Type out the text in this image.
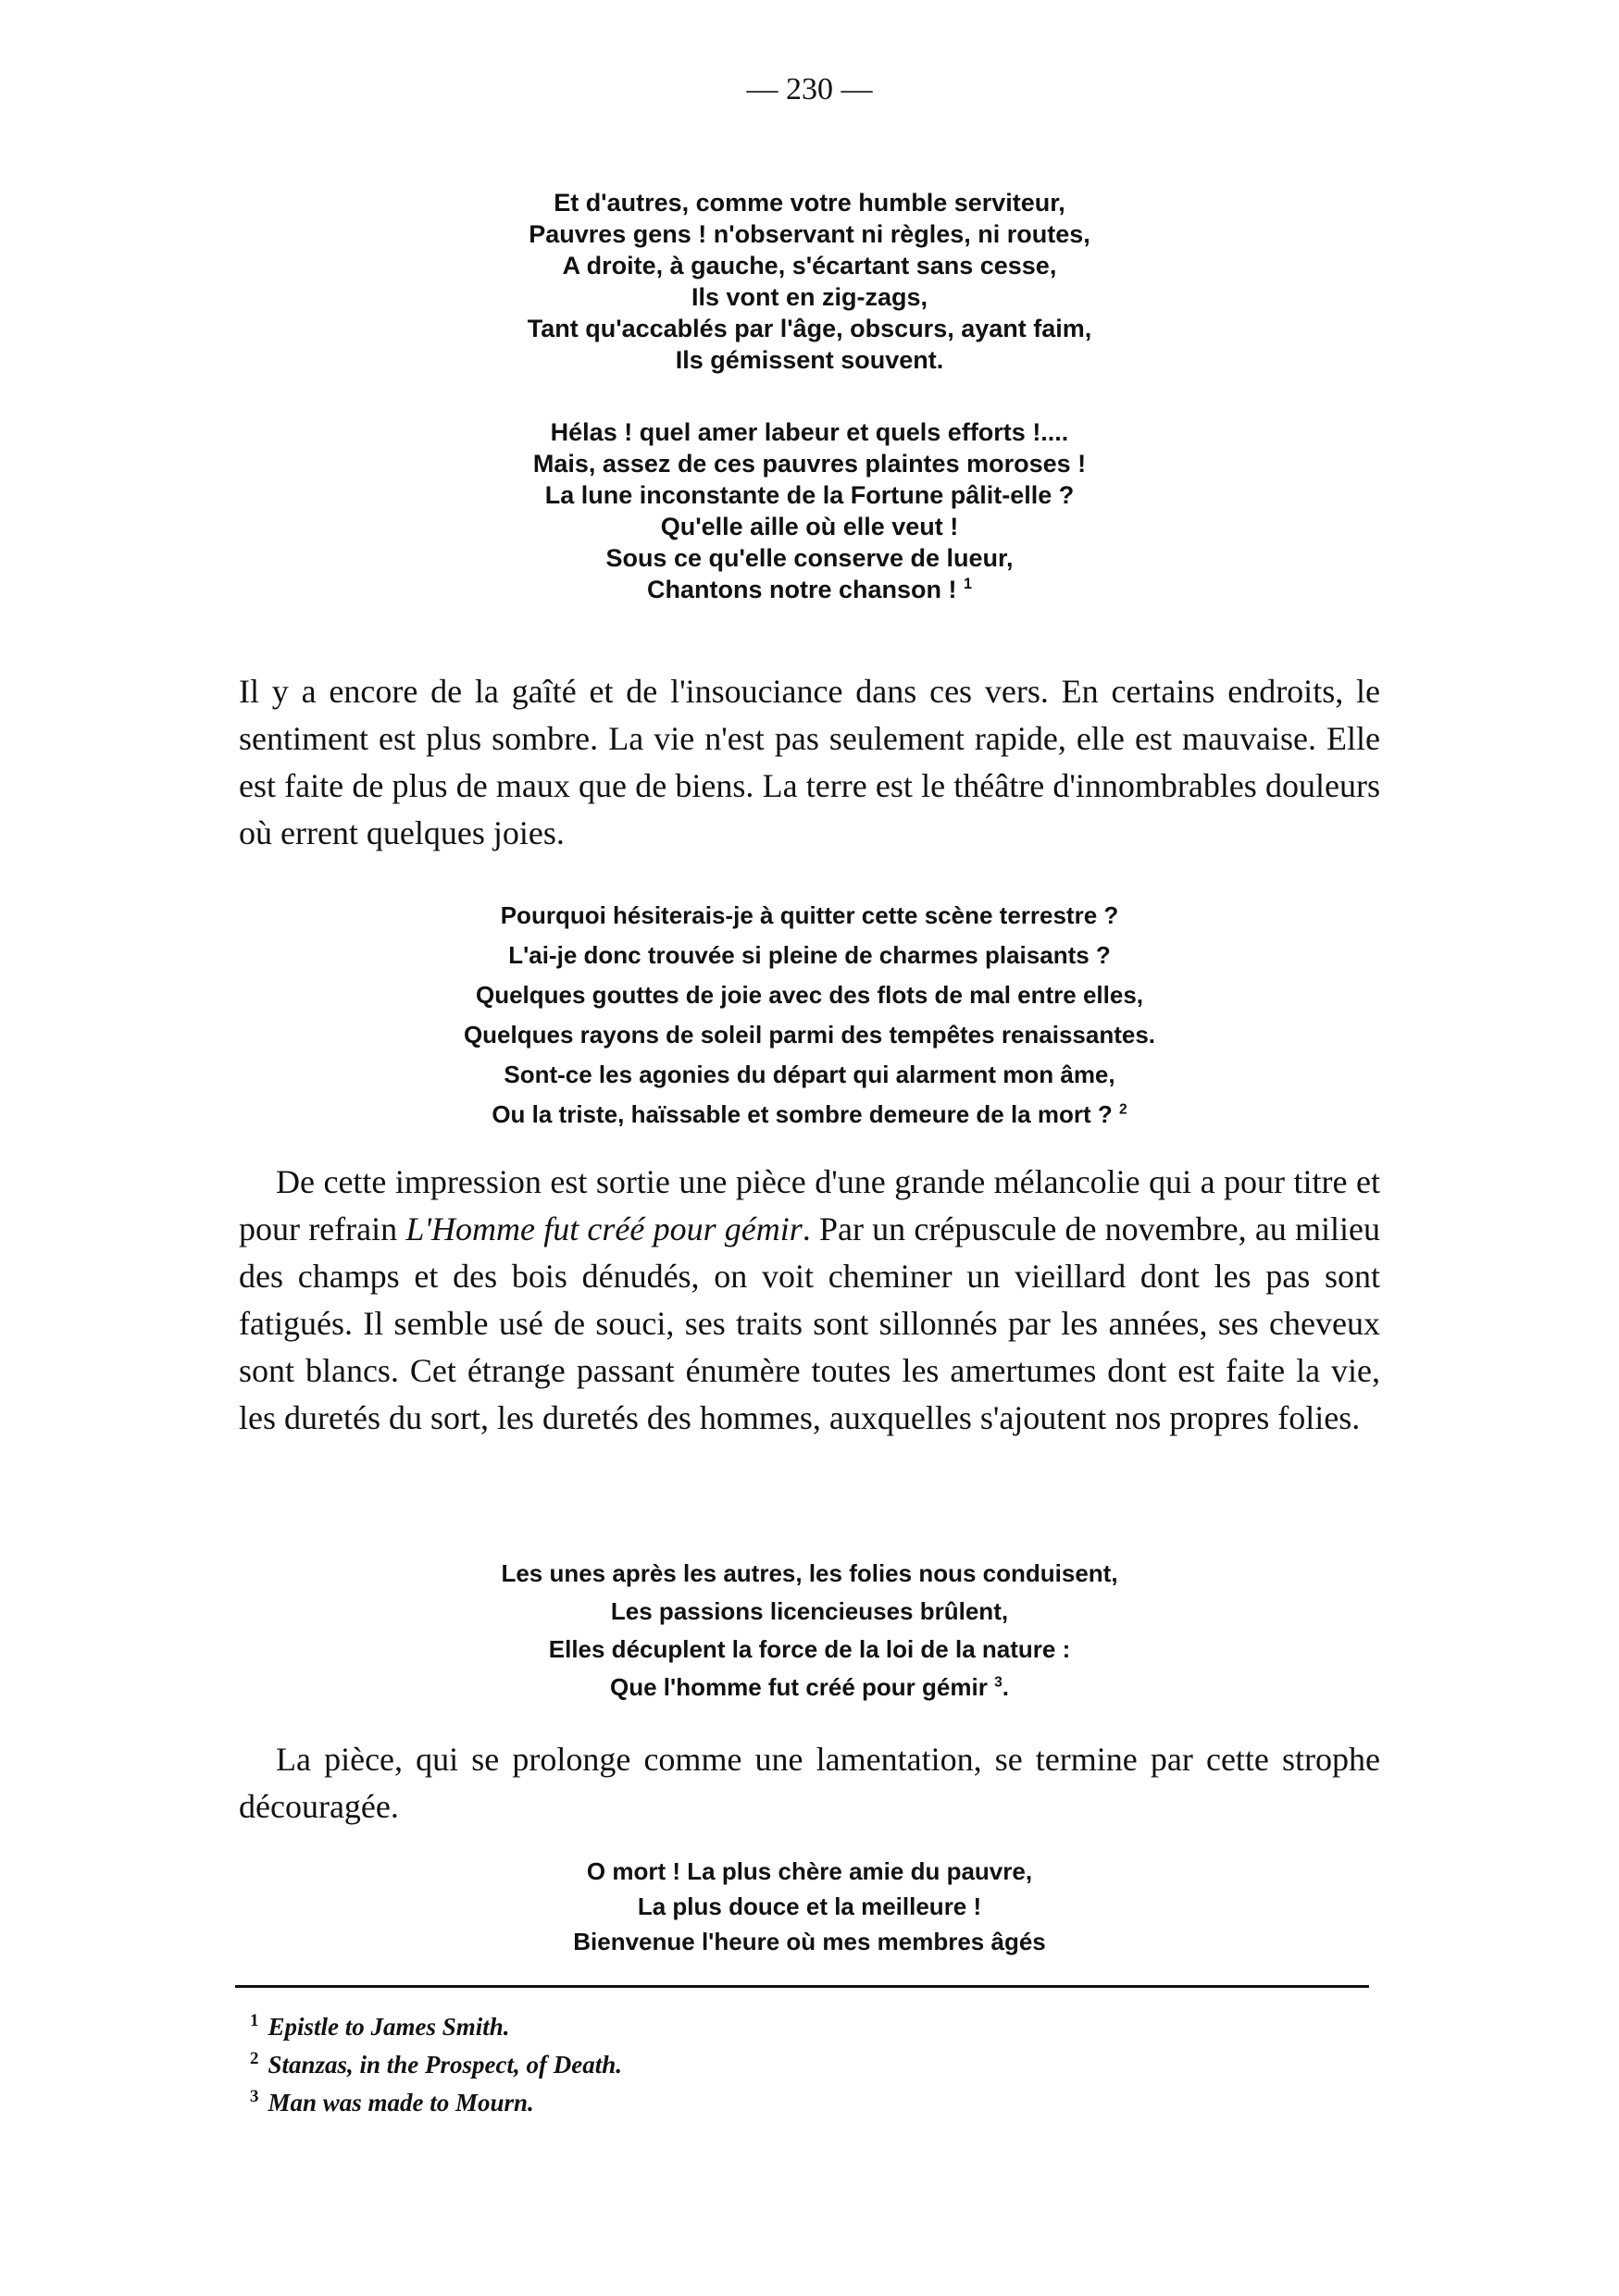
— 230 —
Et d'autres, comme votre humble serviteur,
Pauvres gens ! n'observant ni règles, ni routes,
A droite, à gauche, s'écartant sans cesse,
Ils vont en zig-zags,
Tant qu'accablés par l'âge, obscurs, ayant faim,
Ils gémissent souvent.
Hélas ! quel amer labeur et quels efforts !....
Mais, assez de ces pauvres plaintes moroses !
La lune inconstante de la Fortune pâlit-elle ?
Qu'elle aille où elle veut !
Sous ce qu'elle conserve de lueur,
Chantons notre chanson ! $^1$

Il y a encore de la gaîté et de l'insouciance dans ces vers. En certains endroits, le sentiment est plus sombre. La vie n'est pas seulement rapide, elle est mauvaise. Elle est faite de plus de maux que de biens. La terre est le théâtre d'innombrables douleurs où errent quelques joies.

Pourquoi hésiterais-je à quitter cette scène terrestre ?
L'ai-je donc trouvée si pleine de charmes plaisants ?
Quelques gouttes de joie avec des flots de mal entre elles,
Quelques rayons de soleil parmi des tempêtes renaissantes.
Sont-ce les agonies du départ qui alarment mon âme,
Ou la triste, haïssable et sombre demeure de la mort ? $^2$

De cette impression est sortie une pièce d'une grande mélancolie qui a pour titre et pour refrain L'Homme fut créé pour gémir. Par un crépuscule de novembre, au milieu des champs et des bois dénudés, on voit cheminer un vieillard dont les pas sont fatigués. Il semble usé de souci, ses traits sont sillonnés par les années, ses cheveux sont blancs. Cet étrange passant énumère toutes les amertumes dont est faite la vie, les duretés du sort, les duretés des hommes, auxquelles s'ajoutent nos propres folies.

Les unes après les autres, les folies nous conduisent,
Les passions licencieuses brûlent,
Elles décuplent la force de la loi de la nature :
Que l'homme fut créé pour gémir $^3$.

La pièce, qui se prolonge comme une lamentation, se termine par cette strophe découragée.

O mort ! La plus chère amie du pauvre,
La plus douce et la meilleure !
Bienvenue l'heure où mes membres âgés
$^1$ Epistle to James Smith.
$^2$ Stanzas, in the Prospect, of Death.
$^3$ Man was made to Mourn.
